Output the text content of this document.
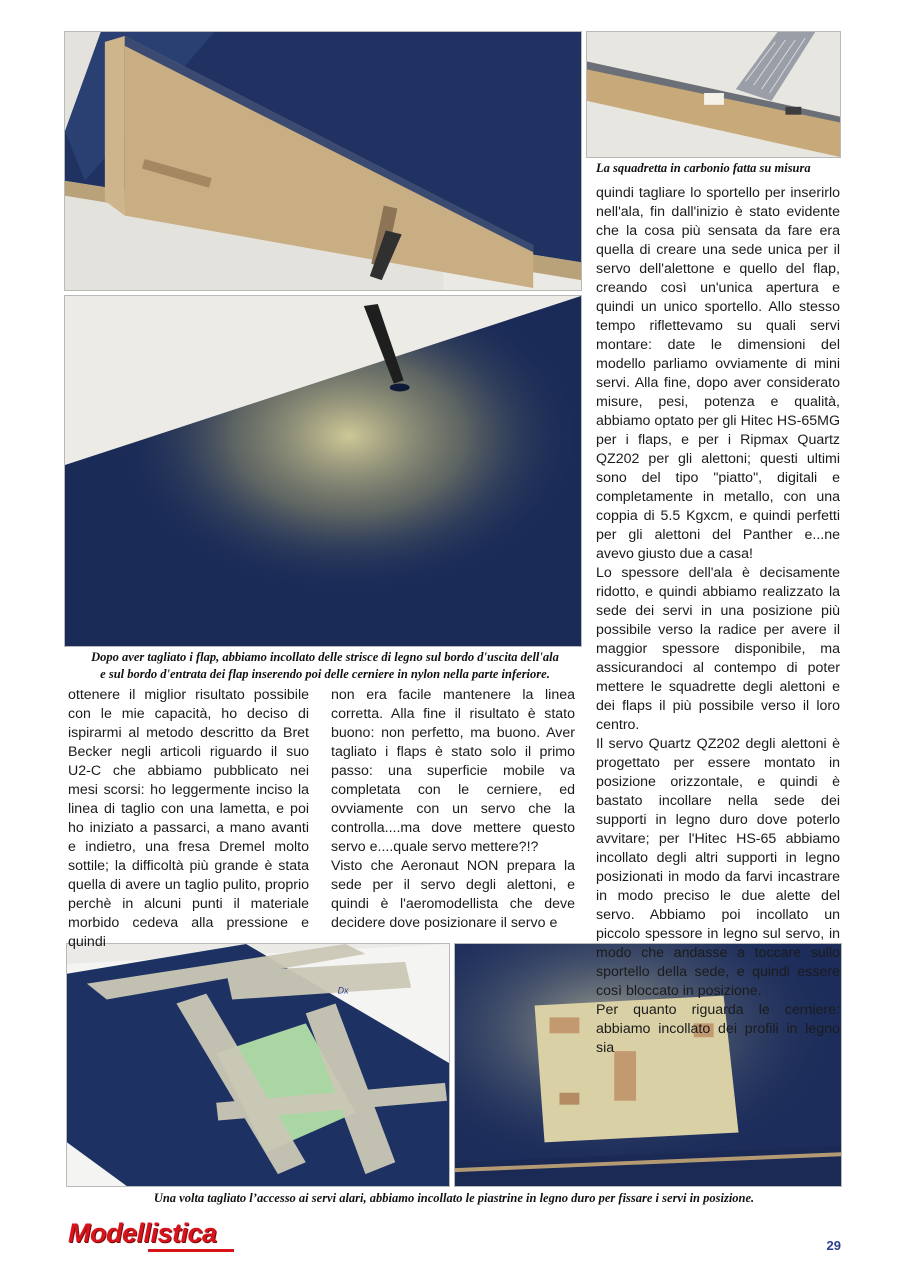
Dx
La squadretta in carbonio fatta su misura
Dopo aver tagliato i flap, abbiamo incollato delle strisce di legno sul bordo d'uscita dell'ala
e sul bordo d'entrata dei flap inserendo poi delle cerniere in nylon nella parte inferiore.
Una volta tagliato l’accesso ai servi alari, abbiamo incollato le piastrine in legno duro per fissare i servi in posizione.

ottenere il miglior risultato possibile con le mie capacità, ho deciso di ispirarmi al metodo descritto da Bret Becker negli articoli riguardo il suo U2-C che abbiamo pubblicato nei mesi scorsi: ho leggermente inciso la linea di taglio con una lametta, e poi ho iniziato a passarci, a mano avanti e indietro, una fresa Dremel molto sottile; la difficoltà più grande è stata quella di avere un taglio pulito, proprio perchè in alcuni punti il materiale morbido cedeva alla pressione e quindi

non era facile mantenere la linea corretta. Alla fine il risultato è stato buono: non perfetto, ma buono. Aver tagliato i flaps è stato solo il primo passo: una superficie mobile va completata con le cerniere, ed ovviamente con un servo che la controlla....ma dove mettere questo servo e....quale servo mettere?!?

Visto che Aeronaut NON prepara la sede per il servo degli alettoni, e quindi è l'aeromodellista che deve decidere dove posizionare il servo e

quindi tagliare lo sportello per inserirlo nell'ala, fin dall'inizio è stato evidente che la cosa più sensata da fare era quella di creare una sede unica per il servo dell'alettone e quello del flap, creando così un'unica apertura e quindi un unico sportello. Allo stesso tempo riflettevamo su quali servi montare: date le dimensioni del modello parliamo ovviamente di mini servi. Alla fine, dopo aver considerato misure, pesi, potenza e qualità, abbiamo optato per gli Hitec HS-65MG per i flaps, e per i Ripmax Quartz QZ202 per gli alettoni; questi ultimi sono del tipo "piatto", digitali e completamente in metallo, con una coppia di 5.5 Kgxcm, e quindi perfetti per gli alettoni del Panther e...ne avevo giusto due a casa!

Lo spessore dell'ala è decisamente ridotto, e quindi abbiamo realizzato la sede dei servi in una posizione più possibile verso la radice per avere il maggior spessore disponibile, ma assicurandoci al contempo di poter mettere le squadrette degli alettoni e dei flaps il più possibile verso il loro centro.

Il servo Quartz QZ202 degli alettoni è progettato per essere montato in posizione orizzontale, e quindi è bastato incollare nella sede dei supporti in legno duro dove poterlo avvitare; per l'Hitec HS-65 abbiamo incollato degli altri supporti in legno posizionati in modo da farvi incastrare in modo preciso le due alette del servo. Abbiamo poi incollato un piccolo spessore in legno sul servo, in modo che andasse a toccare sullo sportello della sede, e quindi essere così bloccato in posizione.

Per quanto riguarda le cerniere: abbiamo incollato dei profili in legno sia

Modellistica	29
